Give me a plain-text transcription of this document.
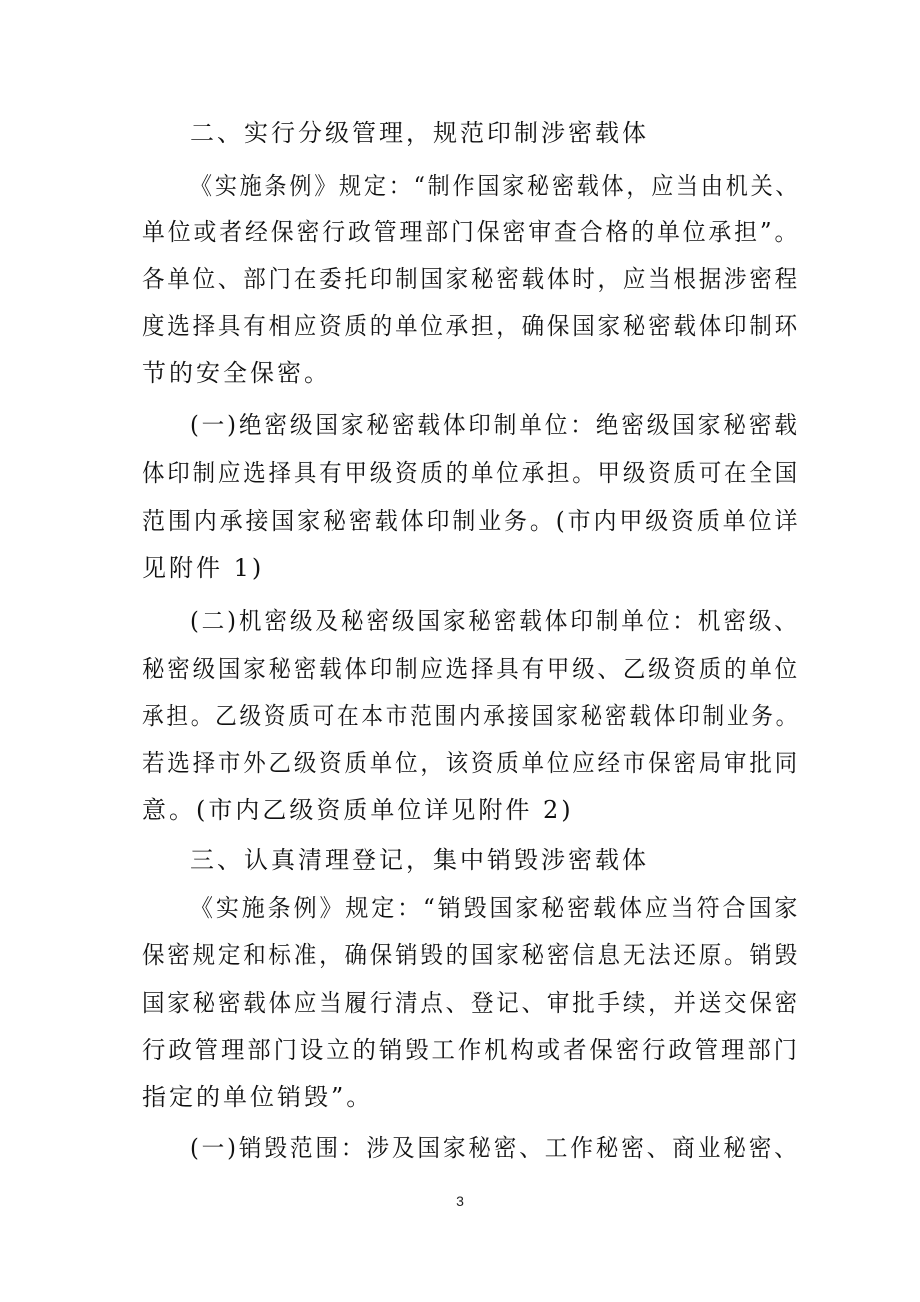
二、实行分级管理，规范印制涉密载体
《实施条例》规定：“制作国家秘密载体，应当由机关、
单位或者经保密行政管理部门保密审查合格的单位承担”。
各单位、部门在委托印制国家秘密载体时，应当根据涉密程
度选择具有相应资质的单位承担，确保国家秘密载体印制环
节的安全保密。
(一)绝密级国家秘密载体印制单位：绝密级国家秘密载
体印制应选择具有甲级资质的单位承担。甲级资质可在全国
范围内承接国家秘密载体印制业务。(市内甲级资质单位详
见附件 1)
(二)机密级及秘密级国家秘密载体印制单位：机密级、
秘密级国家秘密载体印制应选择具有甲级、乙级资质的单位
承担。乙级资质可在本市范围内承接国家秘密载体印制业务。
若选择市外乙级资质单位，该资质单位应经市保密局审批同
意。(市内乙级资质单位详见附件 2)
三、认真清理登记，集中销毁涉密载体
《实施条例》规定：“销毁国家秘密载体应当符合国家
保密规定和标准，确保销毁的国家秘密信息无法还原。销毁
国家秘密载体应当履行清点、登记、审批手续，并送交保密
行政管理部门设立的销毁工作机构或者保密行政管理部门
指定的单位销毁”。
(一)销毁范围：涉及国家秘密、工作秘密、商业秘密、
3
